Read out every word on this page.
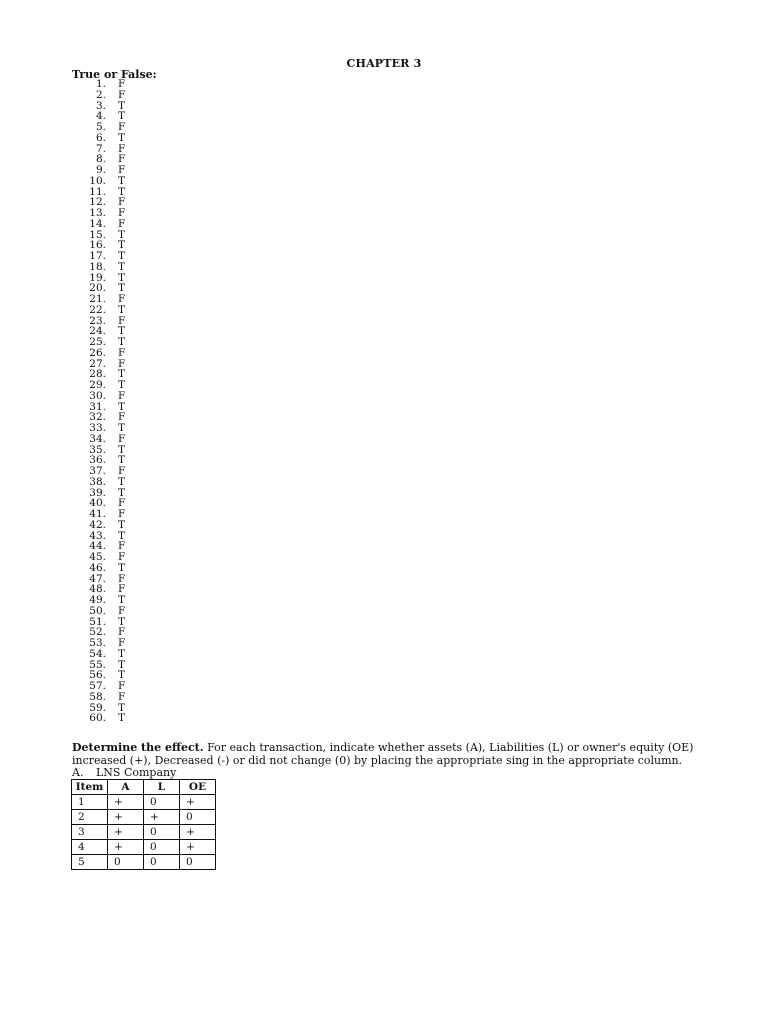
CHAPTER 3
True or False:
1. F
2. F
3. T
4. T
5. F
6. T
7. F
8. F
9. F
10. T
11. T
12. F
13. F
14. F
15. T
16. T
17. T
18. T
19. T
20. T
21. F
22. T
23. F
24. T
25. T
26. F
27. F
28. T
29. T
30. F
31. T
32. F
33. T
34. F
35. T
36. T
37. F
38. T
39. T
40. F
41. F
42. T
43. T
44. F
45. F
46. T
47. F
48. F
49. T
50. F
51. T
52. F
53. F
54. T
55. T
56. T
57. F
58. F
59. T
60. T
Determine the effect. For each transaction, indicate whether assets (A), Liabilities (L) or owner's equity (OE) increased (+), Decreased (-) or did not change (0) by placing the appropriate sing in the appropriate column.
A.	LNS Company
Item	A	L	OE
1	+	0	+
2	+	+	0
3	+	0	+
4	+	0	+
5	0	0	0
